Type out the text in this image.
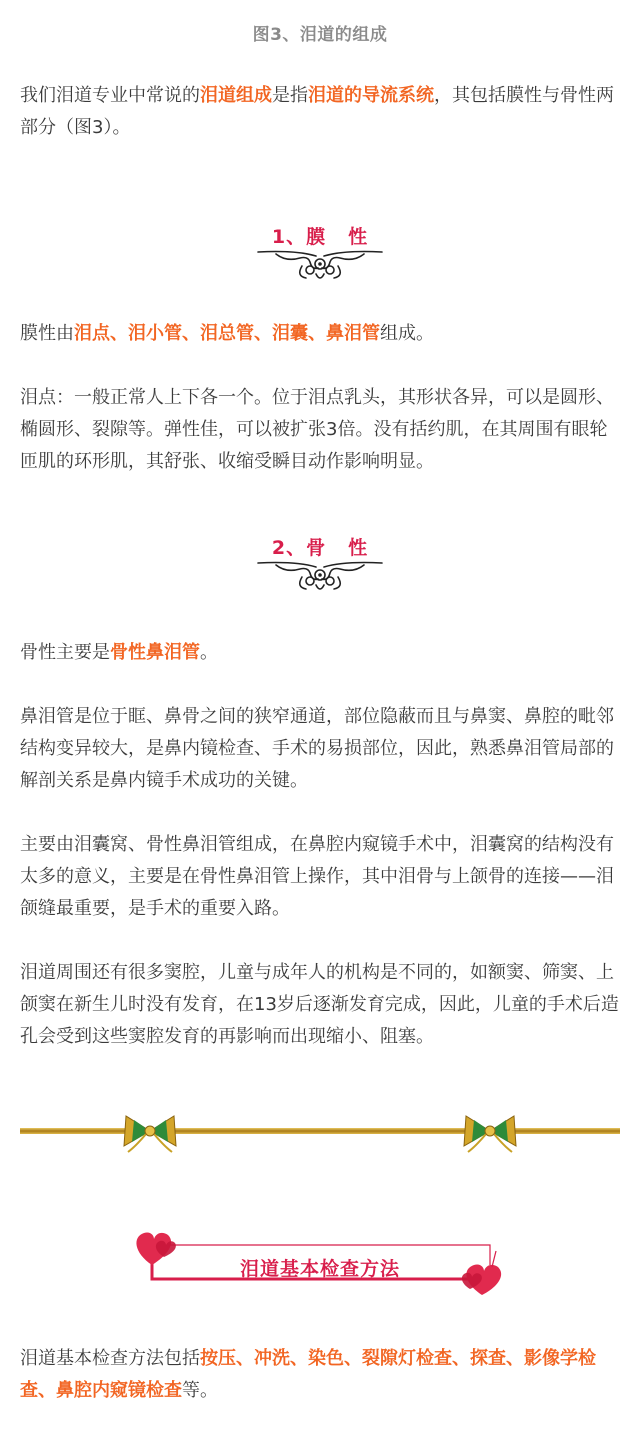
图3、泪道的组成

我们泪道专业中常说的泪道组成是指泪道的导流系统，其包括膜性与骨性两部分（图3）。

1、膜 性

膜性由泪点、泪小管、泪总管、泪囊、鼻泪管组成。

泪点：一般正常人上下各一个。位于泪点乳头，其形状各异，可以是圆形、椭圆形、裂隙等。弹性佳，可以被扩张3倍。没有括约肌，在其周围有眼轮匝肌的环形肌，其舒张、收缩受瞬目动作影响明显。

2、骨 性

骨性主要是骨性鼻泪管。

鼻泪管是位于眶、鼻骨之间的狭窄通道，部位隐蔽而且与鼻窦、鼻腔的毗邻结构变异较大，是鼻内镜检查、手术的易损部位，因此，熟悉鼻泪管局部的解剖关系是鼻内镜手术成功的关键。

主要由泪囊窝、骨性鼻泪管组成，在鼻腔内窥镜手术中，泪囊窝的结构没有太多的意义，主要是在骨性鼻泪管上操作，其中泪骨与上颌骨的连接——泪颌缝最重要，是手术的重要入路。

泪道周围还有很多窦腔，儿童与成年人的机构是不同的，如额窦、筛窦、上颌窦在新生儿时没有发育，在13岁后逐渐发育完成，因此，儿童的手术后造孔会受到这些窦腔发育的再影响而出现缩小、阻塞。

泪道基本检查方法

泪道基本检查方法包括按压、冲洗、染色、裂隙灯检查、探查、影像学检查、鼻腔内窥镜检查等。
